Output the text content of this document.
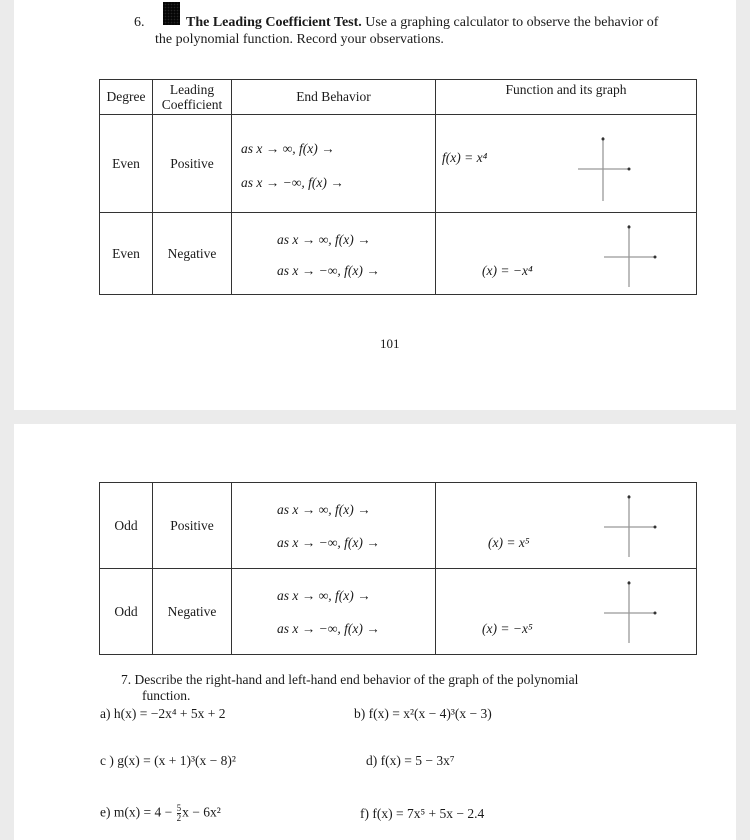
6.	The Leading Coefficient Test. Use a graphing calculator to observe the behavior of
the polynomial function. Record your observations.
Degree	Leading
Coefficient	End Behavior	Function and its graph
Even	Positive	as x → ∞, f(x) →
as x → −∞, f(x) →	f(x) = x⁴

Even	Negative	as x → ∞, f(x) →
as x → −∞, f(x) →	(x) = −x⁴
101
Odd	Positive	as x → ∞, f(x) →
as x → −∞, f(x) →	(x) = x⁵

Odd	Negative	as x → ∞, f(x) →
as x → −∞, f(x) →	(x) = −x⁵
7. Describe the right-hand and left-hand end behavior of the graph of the polynomial
function.
a) h(x) = −2x⁴ + 5x + 2	b) f(x) = x²(x − 4)³(x − 3)
c ) g(x) = (x + 1)³(x − 8)²	d) f(x) = 5 − 3x⁷
e) $m(x) = 4 - \frac{5}{2}$ x − 6x²	f) f(x) = 7x⁵ + 5x − 2.4
